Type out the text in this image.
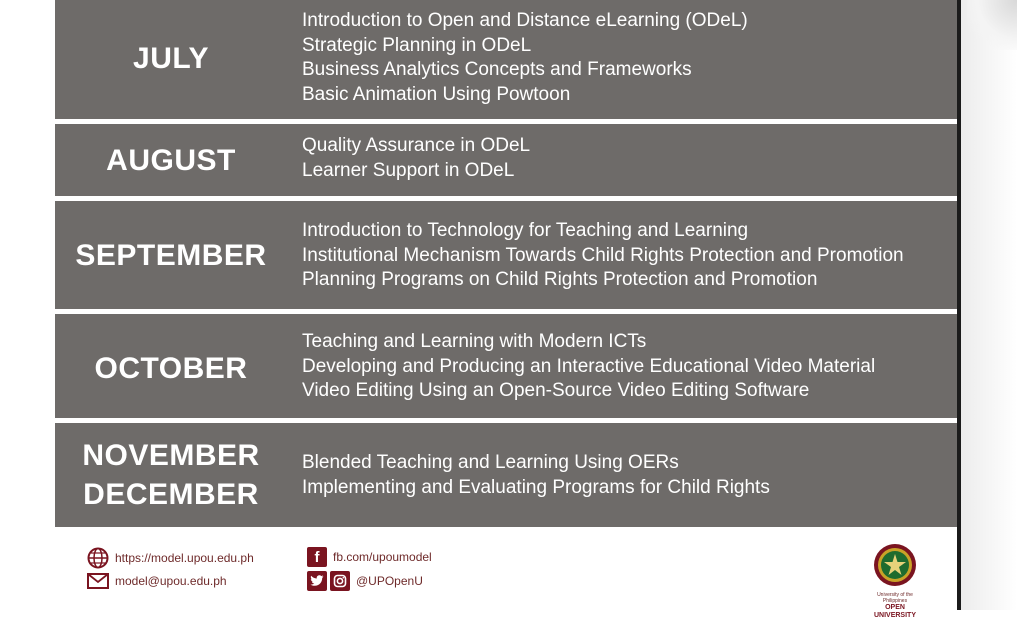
JULY
Introduction to Open and Distance eLearning (ODeL)
Strategic Planning in ODeL
Business Analytics Concepts and Frameworks
Basic Animation Using Powtoon
AUGUST	Quality Assurance in ODeL
Learner Support in ODeL
SEPTEMBER
Introduction to Technology for Teaching and Learning
Institutional Mechanism Towards Child Rights Protection and Promotion
Planning Programs on Child Rights Protection and Promotion
OCTOBER
Teaching and Learning with Modern ICTs
Developing and Producing an Interactive Educational Video Material
Video Editing Using an Open-Source Video Editing Software
NOVEMBER
DECEMBER
Blended Teaching and Learning Using OERs
Implementing and Evaluating Programs for Child Rights
https://model.upou.edu.ph
model@upou.edu.ph
f	fb.com/upoumodel
@UPOpenU
University of the Philippines
OPEN UNIVERSITY
